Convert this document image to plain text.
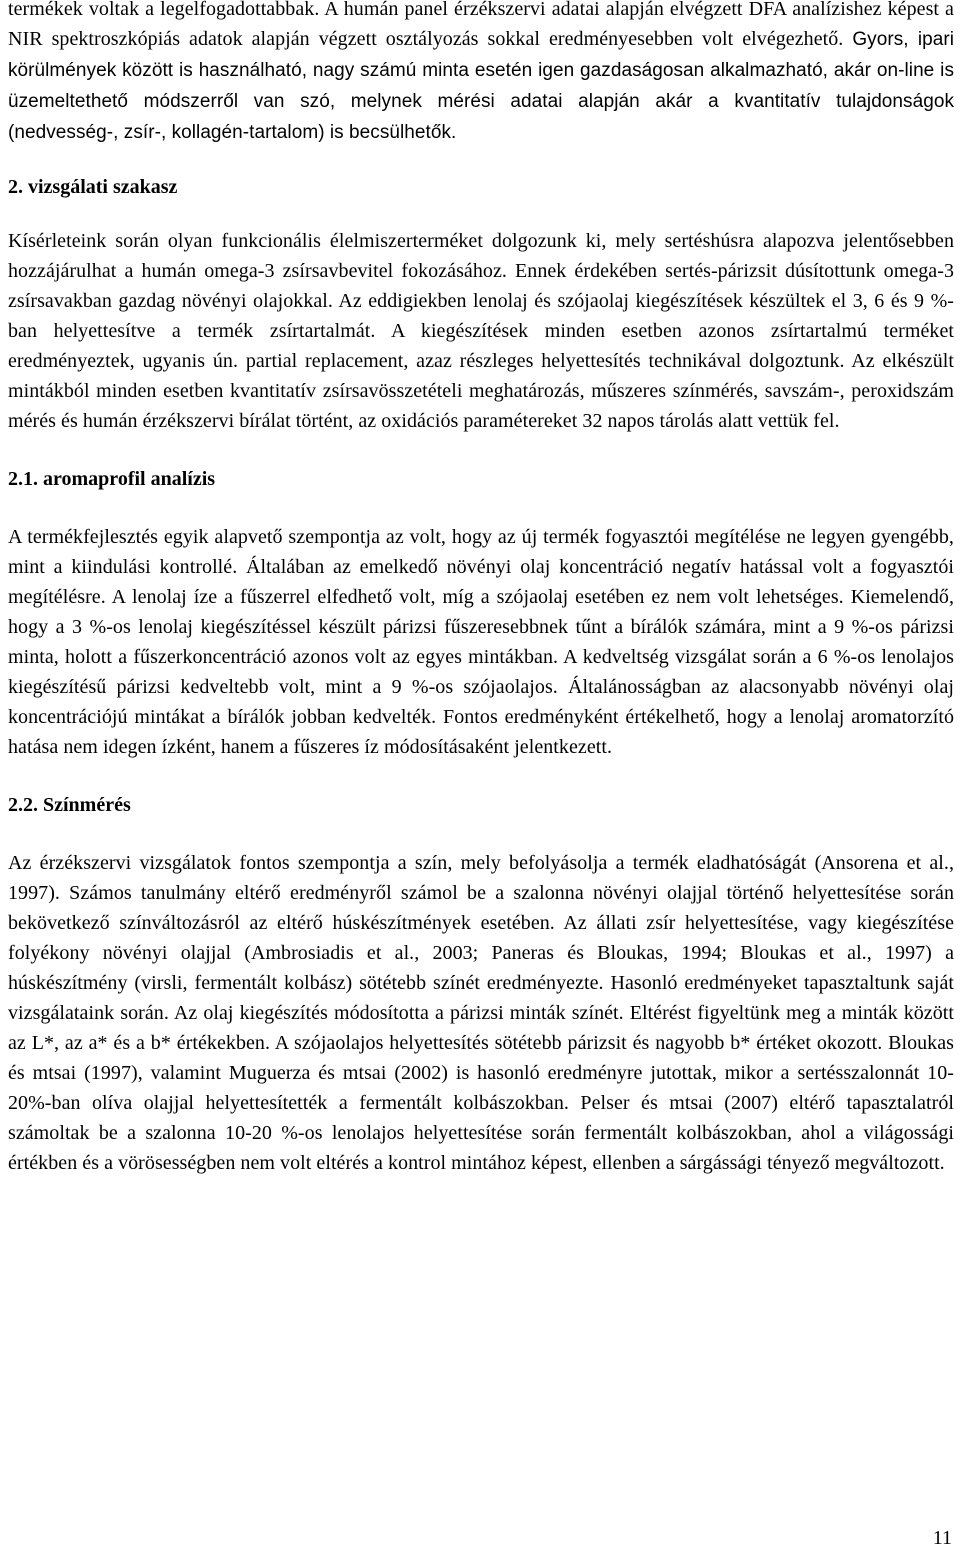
termékek voltak a legelfogadottabbak. A humán panel érzékszervi adatai alapján elvégzett DFA analízishez képest a NIR spektroszkópiás adatok alapján végzett osztályozás sokkal eredményesebben volt elvégezhető. Gyors, ipari körülmények között is használható, nagy számú minta esetén igen gazdaságosan alkalmazható, akár on-line is üzemeltethető módszerről van szó, melynek mérési adatai alapján akár a kvantitatív tulajdonságok (nedvesség-, zsír-, kollagén-tartalom) is becsülhetők.

2. vizsgálati szakasz

Kísérleteink során olyan funkcionális élelmiszerterméket dolgozunk ki, mely sertéshúsra alapozva jelentősebben hozzájárulhat a humán omega-3 zsírsavbevitel fokozásához. Ennek érdekében sertés-párizsit dúsítottunk omega-3 zsírsavakban gazdag növényi olajokkal. Az eddigiekben lenolaj és szójaolaj kiegészítések készültek el 3, 6 és 9 %-ban helyettesítve a termék zsírtartalmát. A kiegészítések minden esetben azonos zsírtartalmú terméket eredményeztek, ugyanis ún. partial replacement, azaz részleges helyettesítés technikával dolgoztunk. Az elkészült mintákból minden esetben kvantitatív zsírsavösszetételi meghatározás, műszeres színmérés, savszám-, peroxidszám mérés és humán érzékszervi bírálat történt, az oxidációs paramétereket 32 napos tárolás alatt vettük fel.

2.1. aromaprofil analízis

A termékfejlesztés egyik alapvető szempontja az volt, hogy az új termék fogyasztói megítélése ne legyen gyengébb, mint a kiindulási kontrollé. Általában az emelkedő növényi olaj koncentráció negatív hatással volt a fogyasztói megítélésre. A lenolaj íze a fűszerrel elfedhető volt, míg a szójaolaj esetében ez nem volt lehetséges. Kiemelendő, hogy a 3 %-os lenolaj kiegészítéssel készült párizsi fűszeresebbnek tűnt a bírálók számára, mint a 9 %-os párizsi minta, holott a fűszerkoncentráció azonos volt az egyes mintákban. A kedveltség vizsgálat során a 6 %-os lenolajos kiegészítésű párizsi kedveltebb volt, mint a 9 %-os szójaolajos. Általánosságban az alacsonyabb növényi olaj koncentrációjú mintákat a bírálók jobban kedvelték. Fontos eredményként értékelhető, hogy a lenolaj aromatorzító hatása nem idegen ízként, hanem a fűszeres íz módosításaként jelentkezett.

2.2. Színmérés

Az érzékszervi vizsgálatok fontos szempontja a szín, mely befolyásolja a termék eladhatóságát (Ansorena et al., 1997). Számos tanulmány eltérő eredményről számol be a szalonna növényi olajjal történő helyettesítése során bekövetkező színváltozásról az eltérő húskészítmények esetében. Az állati zsír helyettesítése, vagy kiegészítése folyékony növényi olajjal (Ambrosiadis et al., 2003; Paneras és Bloukas, 1994; Bloukas et al., 1997) a húskészítmény (virsli, fermentált kolbász) sötétebb színét eredményezte. Hasonló eredményeket tapasztaltunk saját vizsgálataink során. Az olaj kiegészítés módosította a párizsi minták színét. Eltérést figyeltünk meg a minták között az L*, az a* és a b* értékekben. A szójaolajos helyettesítés sötétebb párizsit és nagyobb b* értéket okozott. Bloukas és mtsai (1997), valamint Muguerza és mtsai (2002) is hasonló eredményre jutottak, mikor a sertésszalonnát 10-20%-ban olíva olajjal helyettesítették a fermentált kolbászokban. Pelser és mtsai (2007) eltérő tapasztalatról számoltak be a szalonna 10-20 %-os lenolajos helyettesítése során fermentált kolbászokban, ahol a világossági értékben és a vörösességben nem volt eltérés a kontrol mintához képest, ellenben a sárgássági tényező megváltozott.

11
